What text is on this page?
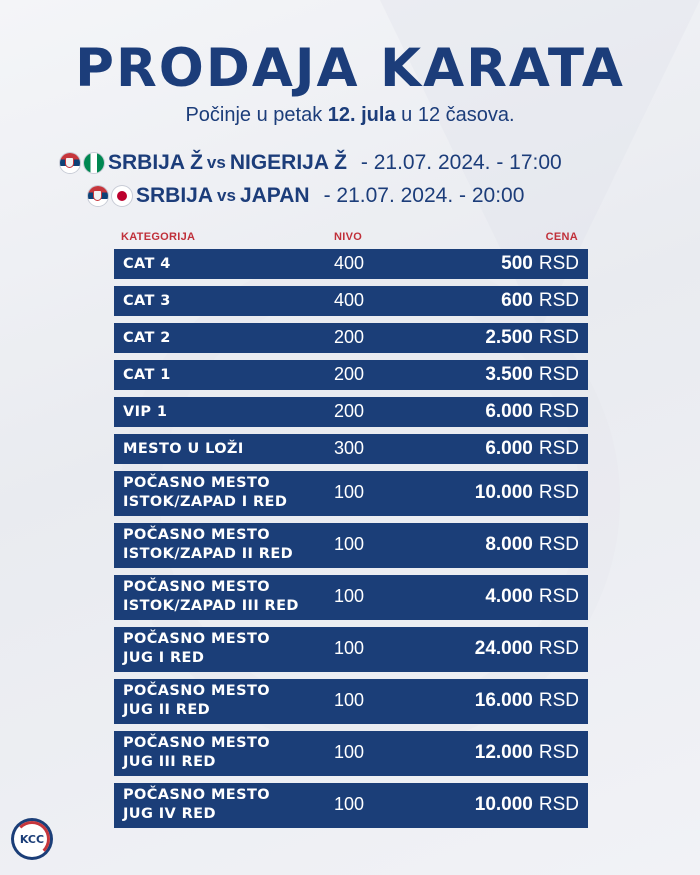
PRODAJA KARATA
Počinje u petak 12. jula u 12 časova.
SRBIJA Ž vs NIGERIJA Ž - 21.07. 2024. - 17:00
SRBIJA vs JAPAN - 21.07. 2024. - 20:00
KATEGORIJA	NIVO	CENA
CAT 4	400	500 RSD
CAT 3	400	600 RSD
CAT 2	200	2.500 RSD
CAT 1	200	3.500 RSD
VIP 1	200	6.000 RSD
MESTO U LOŽI	300	6.000 RSD
POČASNO MESTO
ISTOK/ZAPAD I RED	100	10.000 RSD
POČASNO MESTO
ISTOK/ZAPAD II RED 100	8.000 RSD
POČASNO MESTO
ISTOK/ZAPAD III RED 100	4.000 RSD
POČASNO MESTO
JUG I RED	100	24.000 RSD
POČASNO MESTO
JUG II RED	100	16.000 RSD
POČASNO MESTO
JUG III RED	100	12.000 RSD
POČASNO MESTO
JUG IV RED	100	10.000 RSD
KCC
